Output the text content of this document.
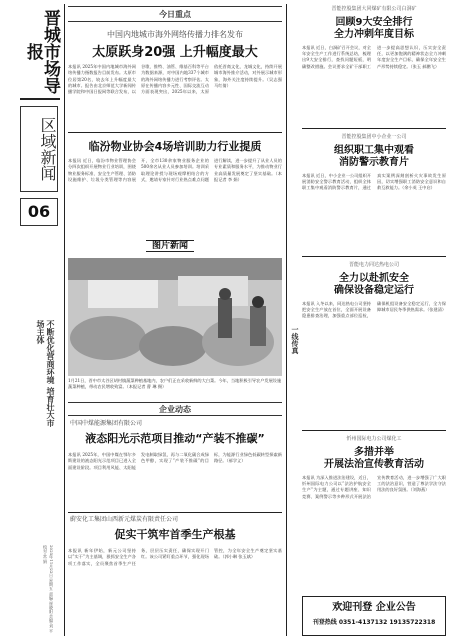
晋城市场导报
区域新闻
06
不断优化营商环境 培育壮大市场主体
2025年11月22日 星期五 责编:崔晓阳 美编:刘 平 校对:常 娟
今日重点
中国内地城市海外网络传播力排名发布
太原跃身20强 上升幅度最大
本报讯 2025年中国内地城市海外网络传播力指数报告目前发布。太原市位居第20名，较去年上升幅度最大的城市。报告由北京师范大学新闻传播学院和中国日报网等联合发布，以谷歌、推特、油管、维基百科等平台为数据来源，对中国内地337个城市的海外网络传播力进行考察评估。太原在传播内容多元性、国际交流互动方面表现突出，2025年以来，太原依托晋商文化、龙城文化，持续开展城市海外推介活动，对外展示城市形象，海外关注度持续提升。（吴志强 马红倩）
临汾物业协会4场培训助力行业提质
本报讯 近日，临汾市物业管理协会分四次组织开展物业行业培训，围绕物业服务标准、安全生产管理、消防设施维护、垃圾分类管理等内容展开，全市130余家物业服务企业的500余名从业人员参加培训。培训采取理论讲授与现场观摩相结合的方式，邀请专家针对行业热点难点问题进行解读，进一步提升了从业人员的专业素质和服务水平，为推动物业行业高质量发展奠定了坚实基础。（本报记者 李 娟）
图片新闻
1月21日，晋中市太谷区胡村镇蔬菜种植基地内，农户们正在采收新鲜的大白菜。今年，当地积极引导农户发展设施蔬菜种植，带动农民增收致富。（本报记者 曹 琳 摄）
企业动态
中国中煤能源集团有限公司
液态阳光示范项目推动“产装不推碳”
本报讯 2025年，中国中煤在鄂尔多斯建设的液态阳光示范项目已进入全面建设阶段。项目利用风能、太阳能发电制取绿氢，再与二氧化碳合成绿色甲醇，实现了“产装不推碳”的目标，为能源行业绿色低碳转型探索新路径。（郝学义）
蔚安化工集团山西新元煤炭有限责任公司
促实干筑牢首季生产根基
本报讯 新年伊始，新元公司坚持以“实干”为主基调，狠抓安全生产各项工作落实，全员聚焦首季生产任务，层层压实责任，确保实现开门红。该公司紧盯重点环节，强化现场管控，为全年安全生产奠定坚实基础。（郭小琳 张玉斌）
一线传真
晋能控股集团大同煤矿有限公司白洞矿
回顾9大安全排行
全力冲刺年度目标
本报讯 近日，白洞矿召开会议，对全年安全生产工作进行系统总结，梳理出9大安全排行，查找问题短板，明确整改措施。会议要求全矿干部职工进一步提高思想认识，压实安全责任，以更加饱满的精神状态全力冲刺年度安全生产目标，确保全年安全生产形势持续稳定。（张玉 郝鹏飞）
晋能控股集团中小企业一公司
组织职工集中观看
消防警示教育片
本报讯 近日，中小企业一公司组织开展消防安全警示教育活动，组织全体职工集中观看消防警示教育片，通过真实案例深刻剖析火灾事故发生原因，切实增强职工消防安全意识和自救互救能力。（余小英 王中启）
晋能电力同达热电公司
全力以赴抓安全
确保设备稳定运行
本报讯 入冬以来，同达热电公司坚持把安全生产放在首位，全面开展设备隐患排查治理，加强重点部位巡检，确保机组设备安全稳定运行，全力保障城市居民冬季供热需求。（张建清）
忻州国际电力公司煤化工
多措并举
开展法治宣传教育活动
本报讯 为深入推进法治建设，近日，忻州国际电力公司以“法治护航安全生产”为主题，通过专题讲座、知识竞赛、案例警示等多种形式开展法治宣传教育活动，进一步增强了广大职工的法治意识，营造了尊法学法守法用法的良好氛围。（刘海燕）
欢迎刊登 企业公告
刊登热线 0351-4137132 19135722318
